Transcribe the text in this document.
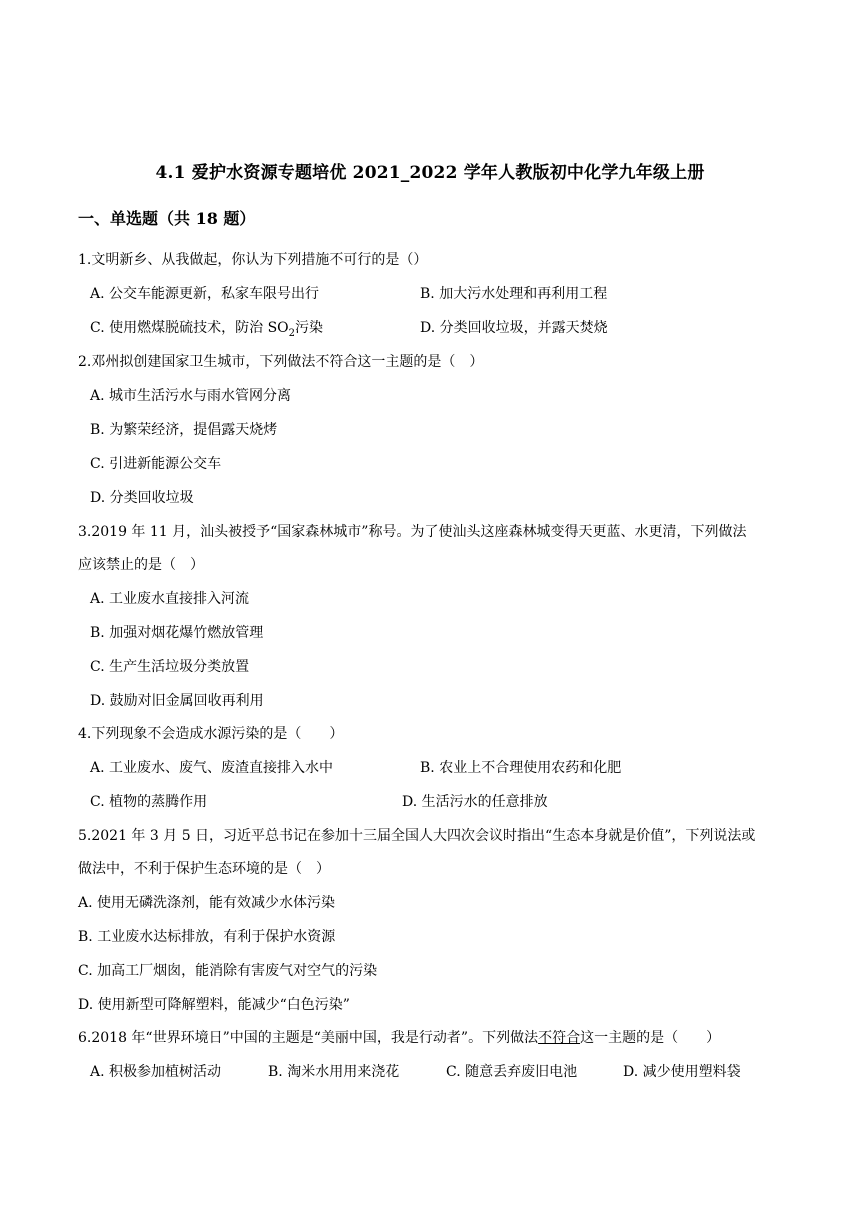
4.1 爱护水资源专题培优 2021_2022 学年人教版初中化学九年级上册
一、单选题（共 18 题）
1.文明新乡、从我做起，你认为下列措施不可行的是（）
A. 公交车能源更新，私家车限号出行	B. 加大污水处理和再利用工程
C. 使用燃煤脱硫技术，防治 $SO_2$污染	D. 分类回收垃圾，并露天焚烧
2.邓州拟创建国家卫生城市，下列做法不符合这一主题的是（　）
A. 城市生活污水与雨水管网分离
B. 为繁荣经济，提倡露天烧烤
C. 引进新能源公交车
D. 分类回收垃圾
3.2019 年 11 月，汕头被授予“国家森林城市”称号。为了使汕头这座森林城变得天更蓝、水更清，下列做法
应该禁止的是（　）
A. 工业废水直接排入河流
B. 加强对烟花爆竹燃放管理
C. 生产生活垃圾分类放置
D. 鼓励对旧金属回收再利用
4.下列现象不会造成水源污染的是（　　）
A. 工业废水、废气、废渣直接排入水中	B. 农业上不合理使用农药和化肥
C. 植物的蒸腾作用	D. 生活污水的任意排放
5.2021 年 3 月 5 日，习近平总书记在参加十三届全国人大四次会议时指出“生态本身就是价值”，下列说法或
做法中，不利于保护生态环境的是（　）
A. 使用无磷洗涤剂，能有效减少水体污染
B. 工业废水达标排放，有利于保护水资源
C. 加高工厂烟囱，能消除有害废气对空气的污染
D. 使用新型可降解塑料，能减少“白色污染”
6.2018 年“世界环境日”中国的主题是“美丽中国，我是行动者”。下列做法不符合这一主题的是（　　）
A. 积极参加植树活动	B. 淘米水用用来浇花	C. 随意丢弃废旧电池	D. 减少使用塑料袋
